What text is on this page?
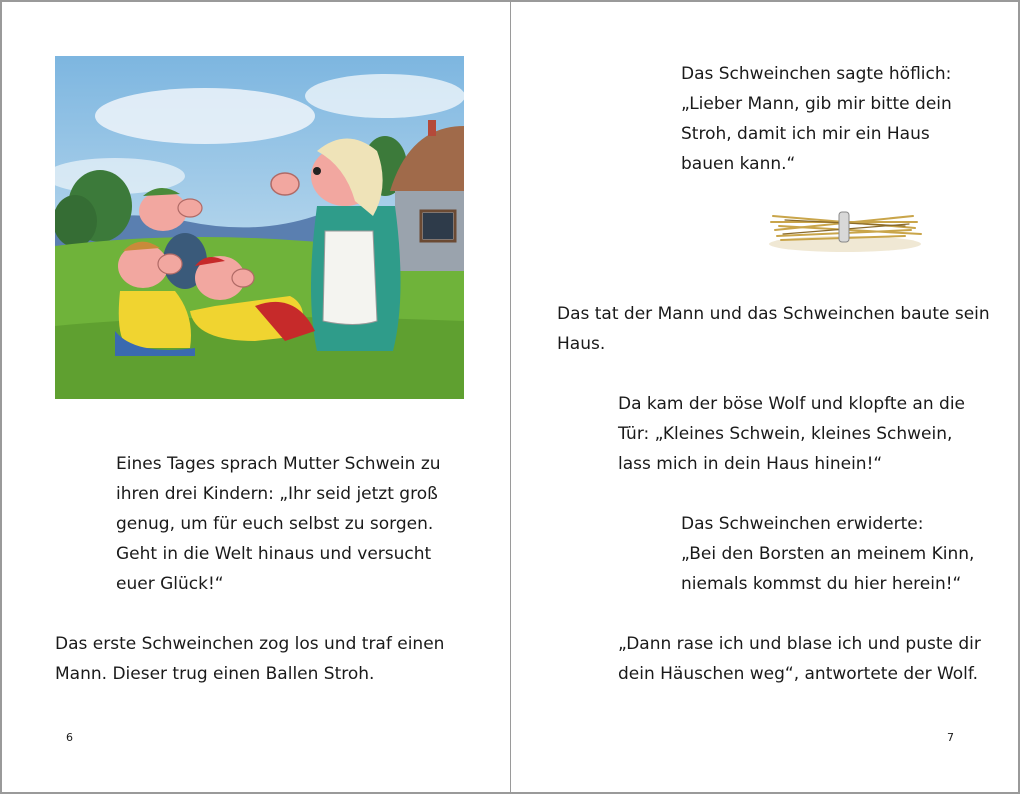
Eines Tages sprach Mutter Schwein zu

ihren drei Kindern: „Ihr seid jetzt groß

genug, um für euch selbst zu sorgen.

Geht in die Welt hinaus und versucht

euer Glück!“

Das erste Schweinchen zog los und traf einen

Mann. Dieser trug einen Ballen Stroh.

6

Das Schweinchen sagte höflich:

„Lieber Mann, gib mir bitte dein

Stroh, damit ich mir ein Haus

bauen kann.“

Das tat der Mann und das Schweinchen baute sein

Haus.

Da kam der böse Wolf und klopfte an die

Tür: „Kleines Schwein, kleines Schwein,

lass mich in dein Haus hinein!“

Das Schweinchen erwiderte:

„Bei den Borsten an meinem Kinn,

niemals kommst du hier herein!“

„Dann rase ich und blase ich und puste dir

dein Häuschen weg“, antwortete der Wolf.

7
